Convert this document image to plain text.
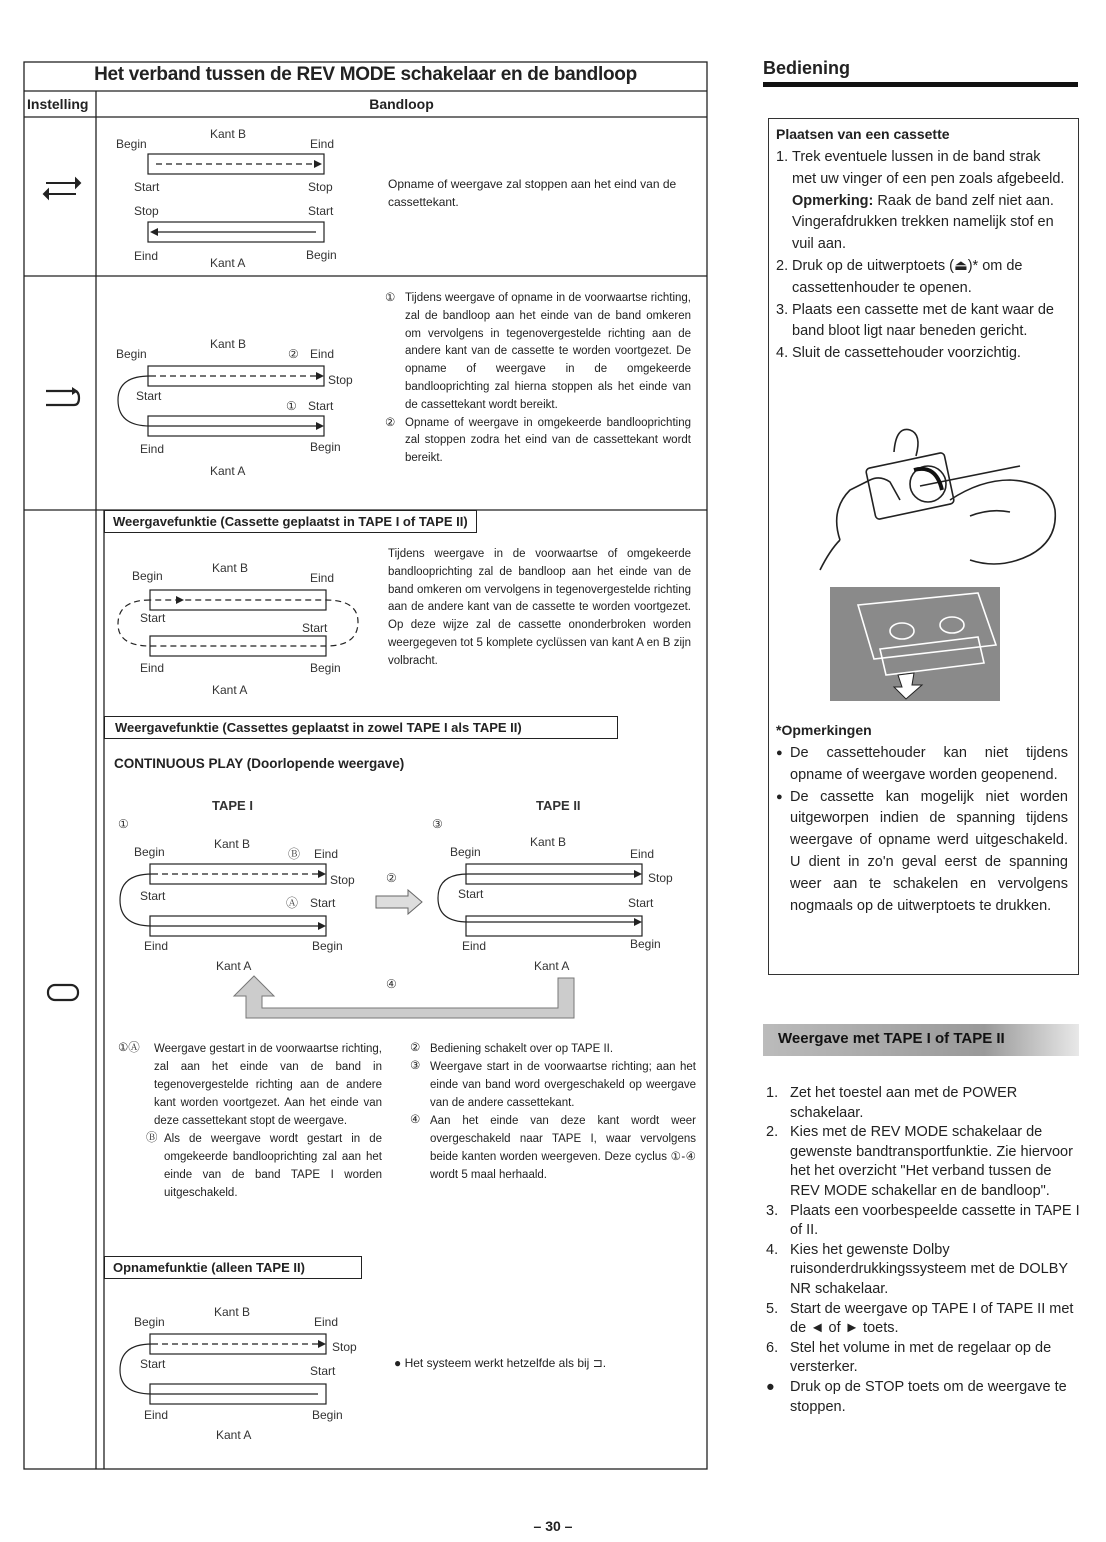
Het verband tussen de REV MODE schakelaar en de bandloop
Instelling	Bandloop
Begin
Kant B
Eind
Start	Stop
Stop	Start
Eind	Kant A
Begin
Opname of weergave zal stoppen aan het eind van de cassettekant.
Begin
Kant B
② Eind
Stop
Start
① Start
Eind	Begin
Kant A
① Tijdens weergave of opname in de voorwaartse richting, zal de bandloop aan het einde van de band omkeren om vervolgens in tegenovergestelde richting aan de andere kant van de cassette te worden voortgezet. De opname of weergave in de omgekeerde bandlooprichting zal hierna stoppen als het einde van de cassettekant wordt bereikt.
② Opname of weergave in omgekeerde bandlooprichting zal stoppen zodra het eind van de cassettekant wordt bereikt.
Weergavefunktie (Cassette geplaatst in TAPE I of TAPE II)
Begin
Kant B
Eind
Start
Start
Eind	Begin
Kant A
Tijdens weergave in de voorwaartse of omgekeerde bandlooprichting zal de bandloop aan het einde van de band omkeren om vervolgens in tegenovergestelde richting aan de andere kant van de cassette te worden voortgezet. Op deze wijze zal de cassette ononderbroken worden weergegeven tot 5 komplete cyclüssen van kant A en B zijn volbracht.
Weergavefunktie (Cassettes geplaatst in zowel TAPE I als TAPE II)
CONTINUOUS PLAY (Doorlopende weergave)
TAPE I	TAPE II
①
Begin
Kant B
Ⓑ Eind
Stop
Start	Ⓐ Start
Eind	Begin
Kant A
③
Begin
Kant B
Eind
Stop
Start
Start
Eind	Begin
Kant A
②
④
①Ⓐ	Weergave gestart in de voorwaartse richting, zal aan het einde van de band in tegenovergestelde richting aan de andere kant worden voortgezet. Aan het einde van deze cassettekant stopt de weergave.
Ⓑ Als de weergave wordt gestart in de omgekeerde bandlooprichting zal aan het einde van de band TAPE I worden uitgeschakeld.
② Bediening schakelt over op TAPE II.
③ Weergave start in de voorwaartse richting; aan het einde van band word overgeschakeld op weergave van de andere cassettekant.
④ Aan het einde van deze kant wordt weer overgeschakeld naar TAPE I, waar vervolgens beide kanten worden weergeven. Deze cyclus ①-④ wordt 5 maal herhaald.
Opnamefunktie (alleen TAPE II)
Begin
Kant B
Eind
Stop
Start	Start
Eind	Begin
Kant A
● Het systeem werkt hetzelfde als bij ⊐.
Bediening
Plaatsen van een cassette
1. Trek eventuele lussen in de band strak met uw vinger of een pen zoals afgebeeld.
Opmerking: Raak de band zelf niet aan. Vingerafdrukken trekken namelijk stof en vuil aan.
2. Druk op de uitwerptoets (⏏)* om de cassettenhouder te openen.
3. Plaats een cassette met de kant waar de band bloot ligt naar beneden gericht.
4. Sluit de cassettehouder voorzichtig.
*Opmerkingen
● De cassettehouder kan niet tijdens opname of weergave worden geopenend.
● De cassette kan mogelijk niet worden uitgeworpen indien de spanning tijdens weergave of opname werd uitgeschakeld. U dient in zo'n geval eerst de spanning weer aan te schakelen en vervolgens nogmaals op de uitwerptoets te drukken.
Weergave met TAPE I of TAPE II
1. Zet het toestel aan met de POWER schakelaar.
2. Kies met de REV MODE schakelaar de gewenste bandtransportfunktie. Zie hiervoor het het overzicht "Het verband tussen de REV MODE schakellar en de bandloop".
3. Plaats een voorbespeelde cassette in TAPE I of II.
4. Kies het gewenste Dolby ruisonderdrukkingssysteem met de DOLBY NR schakelaar.
5. Start de weergave op TAPE I of TAPE II met de ◄ of ► toets.
6. Stel het volume in met de regelaar op de versterker.
●	Druk op de STOP toets om de weergave te stoppen.
– 30 –
